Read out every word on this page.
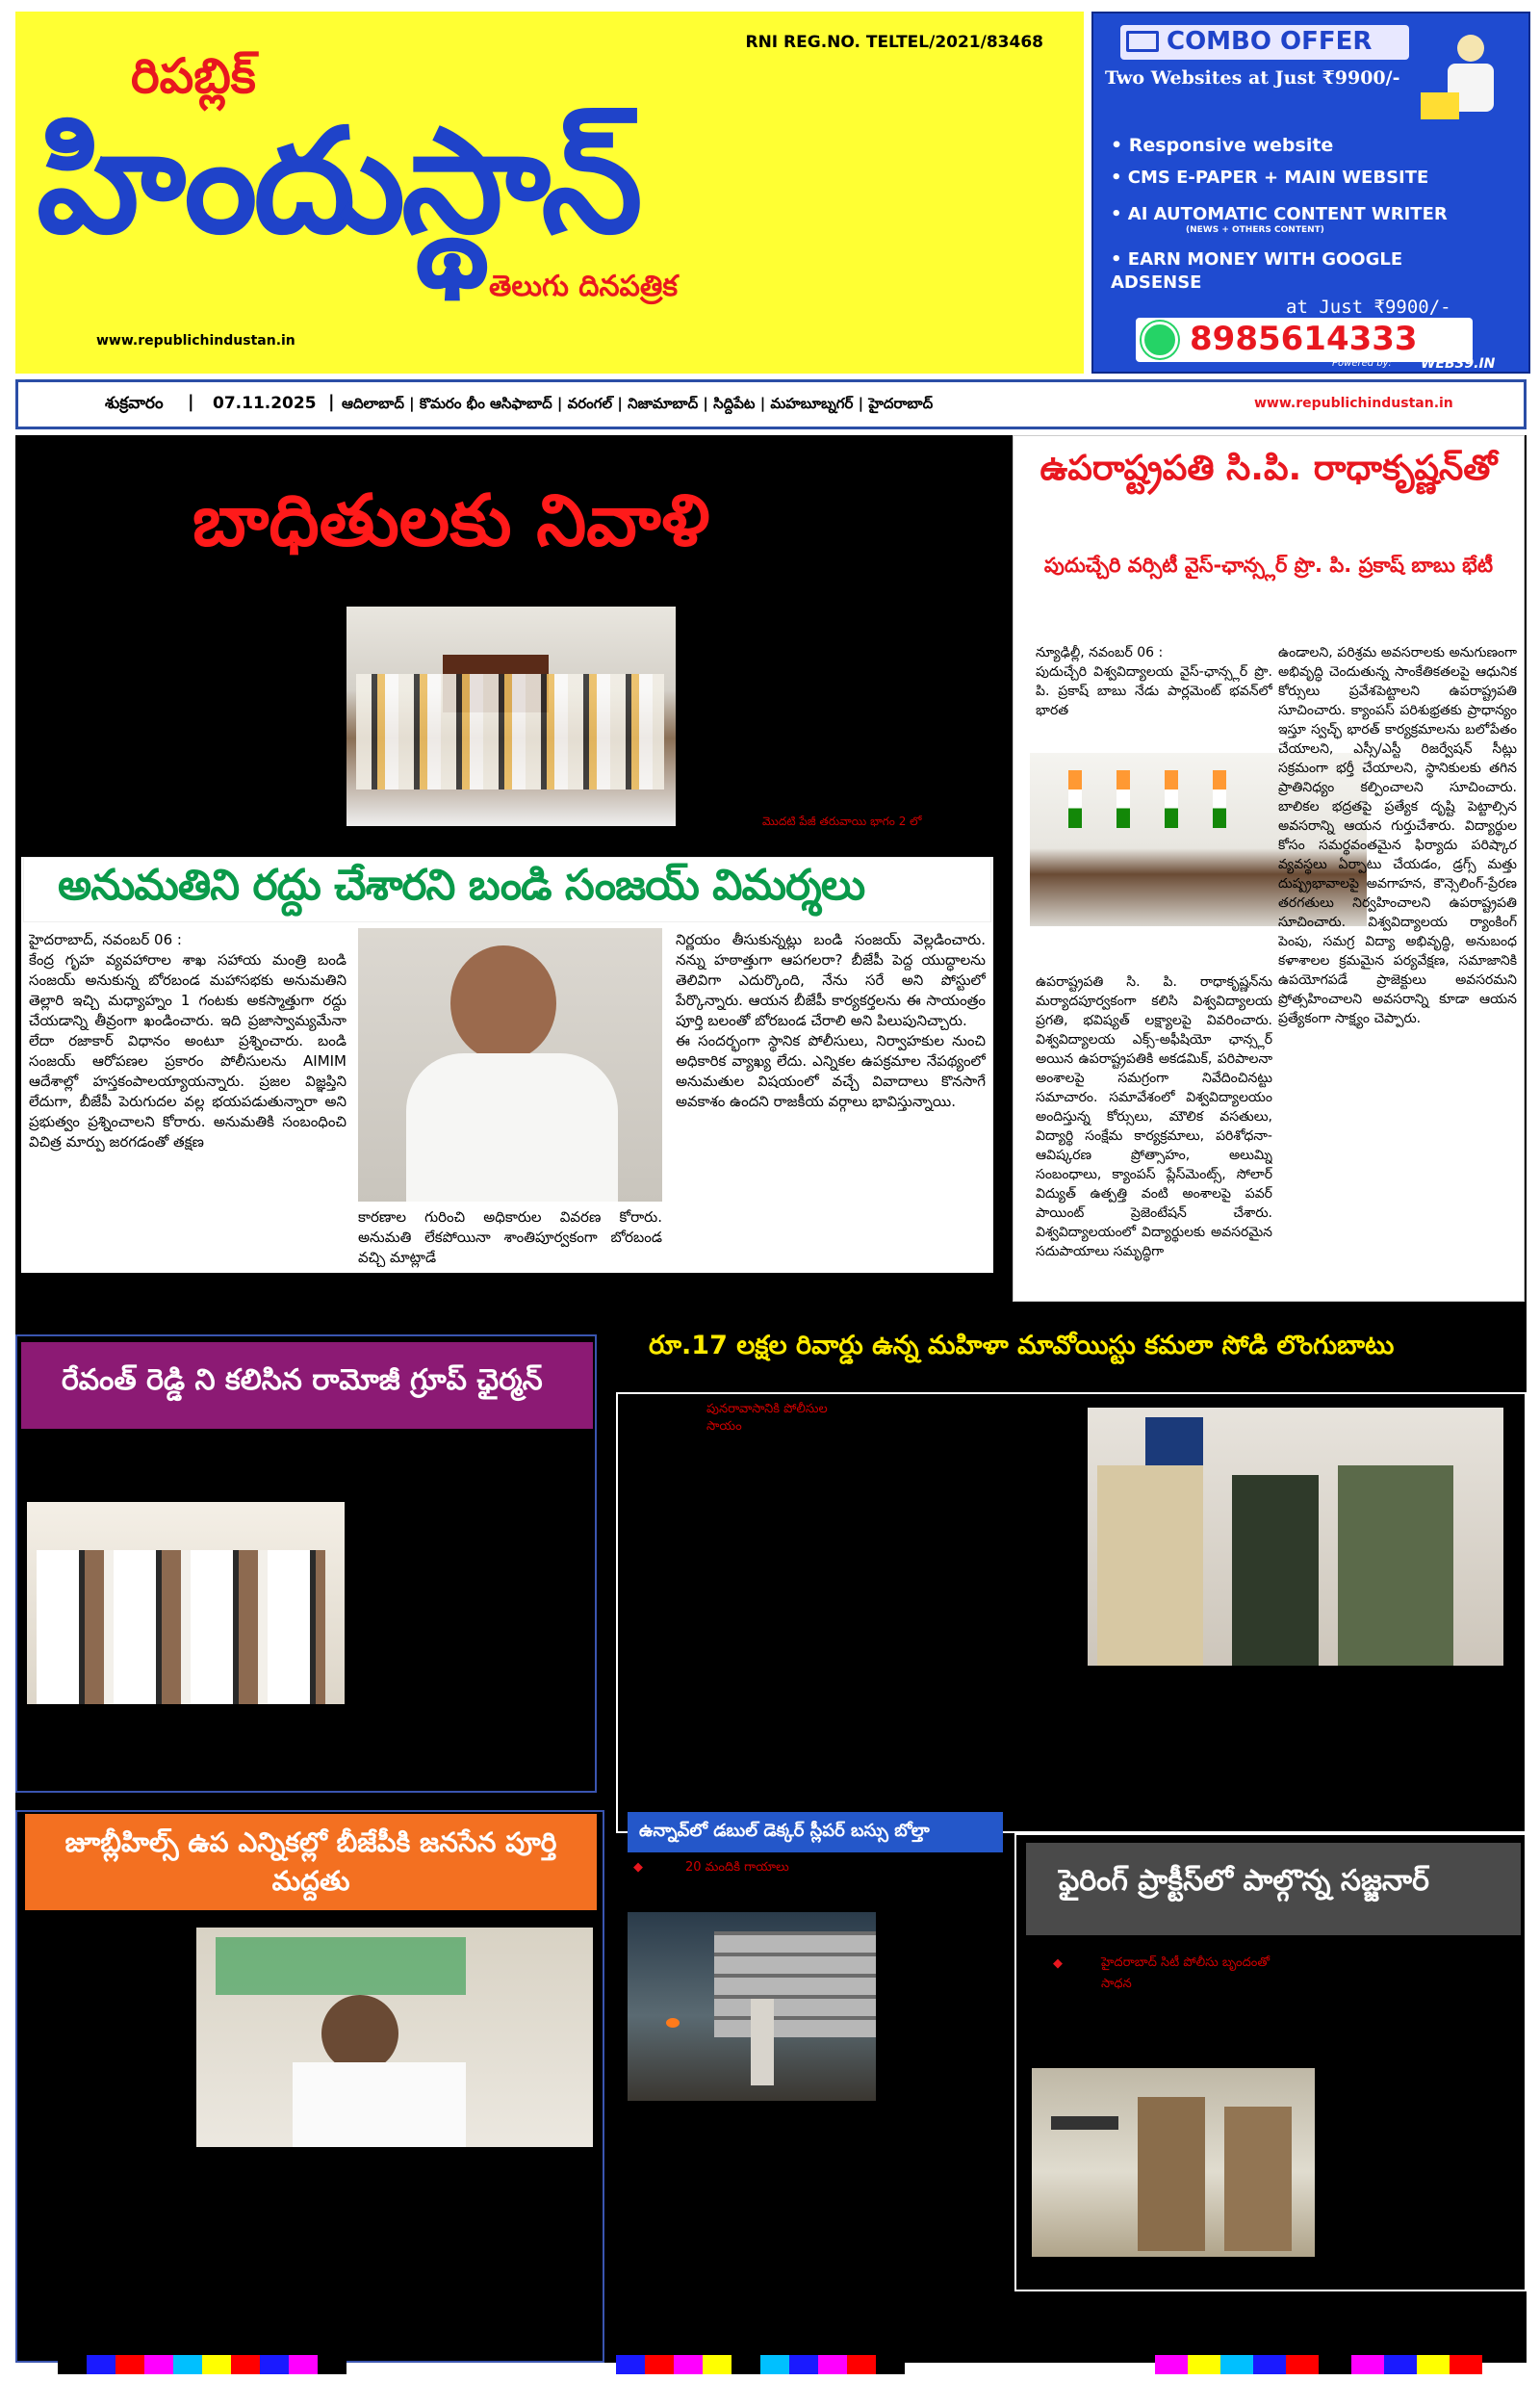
RNI REG.NO. TELTEL/2021/83468
రిపబ్లిక్
హిందుస్థాన్
తెలుగు దినపత్రిక
www.republichindustan.in
COMBO OFFER
Two Websites at Just ₹9900/-
• Responsive website
• CMS E-PAPER + MAIN WEBSITE
• AI AUTOMATIC CONTENT WRITER
(NEWS + OTHERS CONTENT)
• EARN MONEY WITH GOOGLE ADSENSE
at Just ₹9900/-
8985614333
Powered by: WEB39.IN
శుక్రవారం | 07.11.2025 | ఆదిలాబాద్ | కొమరం భీం ఆసిఫాబాద్ | వరంగల్ | నిజామాబాద్ | సిద్దిపేట | మహబూబ్నగర్ | హైదరాబాద్	www.republichindustan.in
బాధితులకు నివాళి
మొదటి పేజీ తరువాయి భాగం 2 లో
అనుమతిని రద్దు చేశారని బండి సంజయ్ విమర్శలు
హైదరాబాద్, నవంబర్ 06 :
కేంద్ర గృహ వ్యవహారాల శాఖ సహాయ మంత్రి బండి సంజయ్ అనుకున్న బోరబండ మహాసభకు అనుమతిని తెల్లారి ఇచ్చి మధ్యాహ్నం 1 గంటకు అకస్మాత్తుగా రద్దు చేయడాన్ని తీవ్రంగా ఖండించారు. ఇది ప్రజాస్వామ్యమేనా లేదా రజాకార్ విధానం అంటూ ప్రశ్నించారు. బండి సంజయ్ ఆరోపణల ప్రకారం పోలీసులను AIMIM ఆదేశాల్లో హస్తకంపాలయ్యాయన్నారు. ప్రజల విజ్ఞప్తిని లేదుగా, బీజేపీ పెరుగుదల వల్ల భయపడుతున్నారా అని ప్రభుత్వం ప్రశ్నించాలని కోరారు. అనుమతికి సంబంధించి విచిత్ర మార్పు జరగడంతో తక్షణ
కారణాల గురించి అధికారుల వివరణ కోరారు. అనుమతి లేకపోయినా శాంతిపూర్వకంగా బోరబండ వచ్చి మాట్లాడే
నిర్ణయం తీసుకున్నట్లు బండి సంజయ్ వెల్లడించారు. నన్ను హఠాత్తుగా ఆపగలరా? బీజేపీ పెద్ద యుద్ధాలను తెలివిగా ఎదుర్కొంది, నేను సరే అని పోస్టులో పేర్కొన్నారు. ఆయన బీజేపీ కార్యకర్తలను ఈ సాయంత్రం పూర్తి బలంతో బోరబండ చేరాలి అని పిలుపునిచ్చారు.
ఈ సందర్భంగా స్థానిక పోలీసులు, నిర్వాహకుల నుంచి అధికారిక వ్యాఖ్య లేదు. ఎన్నికల ఉపక్రమాల నేపథ్యంలో అనుమతుల విషయంలో వచ్చే వివాదాలు కొనసాగే అవకాశం ఉందని రాజకీయ వర్గాలు భావిస్తున్నాయి.
ఉపరాష్ట్రపతి సి.పి. రాధాకృష్ణన్‌తో
పుదుచ్చేరి వర్సిటీ వైస్-ఛాన్స్లర్ ప్రొ. పి. ప్రకాష్ బాబు భేటీ
న్యూఢిల్లీ, నవంబర్ 06 :
పుదుచ్చేరి విశ్వవిద్యాలయ వైస్-ఛాన్స్లర్ ప్రొ. పి. ప్రకాష్ బాబు నేడు పార్లమెంట్ భవన్‌లో భారత
ఉపరాష్ట్రపతి సి. పి. రాధాకృష్ణన్‌ను మర్యాదపూర్వకంగా కలిసి విశ్వవిద్యాలయ ప్రగతి, భవిష్యత్ లక్ష్యాలపై వివరించారు. విశ్వవిద్యాలయ ఎక్స్-అఫీషియో ఛాన్స్లర్ అయిన ఉపరాష్ట్రపతికి అకడమిక్, పరిపాలనా అంశాలపై సమగ్రంగా నివేదించినట్టు సమాచారం. సమావేశంలో విశ్వవిద్యాలయం అందిస్తున్న కోర్సులు, మౌలిక వసతులు, విద్యార్థి సంక్షేమ కార్యక్రమాలు, పరిశోధనా-ఆవిష్కరణ ప్రోత్సాహం, అలుమ్ని సంబంధాలు, క్యాంపస్ ప్లేస్‌మెంట్స్, సోలార్ విద్యుత్ ఉత్పత్తి వంటి అంశాలపై పవర్ పాయింట్ ప్రెజెంటేషన్ చేశారు. విశ్వవిద్యాలయంలో విద్యార్థులకు అవసరమైన సదుపాయాలు సమృద్ధిగా
ఉండాలని, పరిశ్రమ అవసరాలకు అనుగుణంగా అభివృద్ధి చెందుతున్న సాంకేతికతలపై ఆధునిక కోర్సులు ప్రవేశపెట్టాలని ఉపరాష్ట్రపతి సూచించారు. క్యాంపస్ పరిశుభ్రతకు ప్రాధాన్యం ఇస్తూ స్వచ్ఛ్ భారత్ కార్యక్రమాలను బలోపేతం చేయాలని, ఎస్సీ/ఎస్టీ రిజర్వేషన్ సీట్లు సక్రమంగా భర్తీ చేయాలని, స్థానికులకు తగిన ప్రాతినిధ్యం కల్పించాలని సూచించారు. బాలికల భద్రతపై ప్రత్యేక దృష్టి పెట్టాల్సిన అవసరాన్ని ఆయన గుర్తుచేశారు. విద్యార్థుల కోసం సమర్థవంతమైన ఫిర్యాదు పరిష్కార వ్యవస్థలు ఏర్పాటు చేయడం, డ్రగ్స్ మత్తు దుష్ప్రభావాలపై అవగాహన, కౌన్సెలింగ్-ప్రేరణ తరగతులు నిర్వహించాలని ఉపరాష్ట్రపతి సూచించారు. విశ్వవిద్యాలయ ర్యాంకింగ్ పెంపు, సమగ్ర విద్యా అభివృద్ధి, అనుబంధ కళాశాలల క్రమమైన పర్యవేక్షణ, సమాజానికి ఉపయోగపడే ప్రాజెక్టులు అవసరమని ప్రోత్సహించాలని అవసరాన్ని కూడా ఆయన ప్రత్యేకంగా సాక్ష్యం చెప్పారు.
రేవంత్ రెడ్డి ని కలిసిన రామోజీ గ్రూప్ ఛైర్మన్
రూ.17 లక్షల రివార్డు ఉన్న మహిళా మావోయిస్టు కమలా సోడి లొంగుబాటు
పునరావాసానికి పోలీసుల
సాయం
జూబ్లీహిల్స్ ఉప ఎన్నికల్లో బీజేపీకి జనసేన పూర్తి మద్దతు
ఉన్నావ్‌లో డబుల్ డెక్కర్ స్లీపర్ బస్సు బోల్తా
◆	20 మందికి గాయాలు	ఫైరింగ్ ప్రాక్టీస్‌లో పాల్గొన్న సజ్జనార్
◆	హైదరాబాద్ సిటీ పోలీసు బృందంతో సాధన
